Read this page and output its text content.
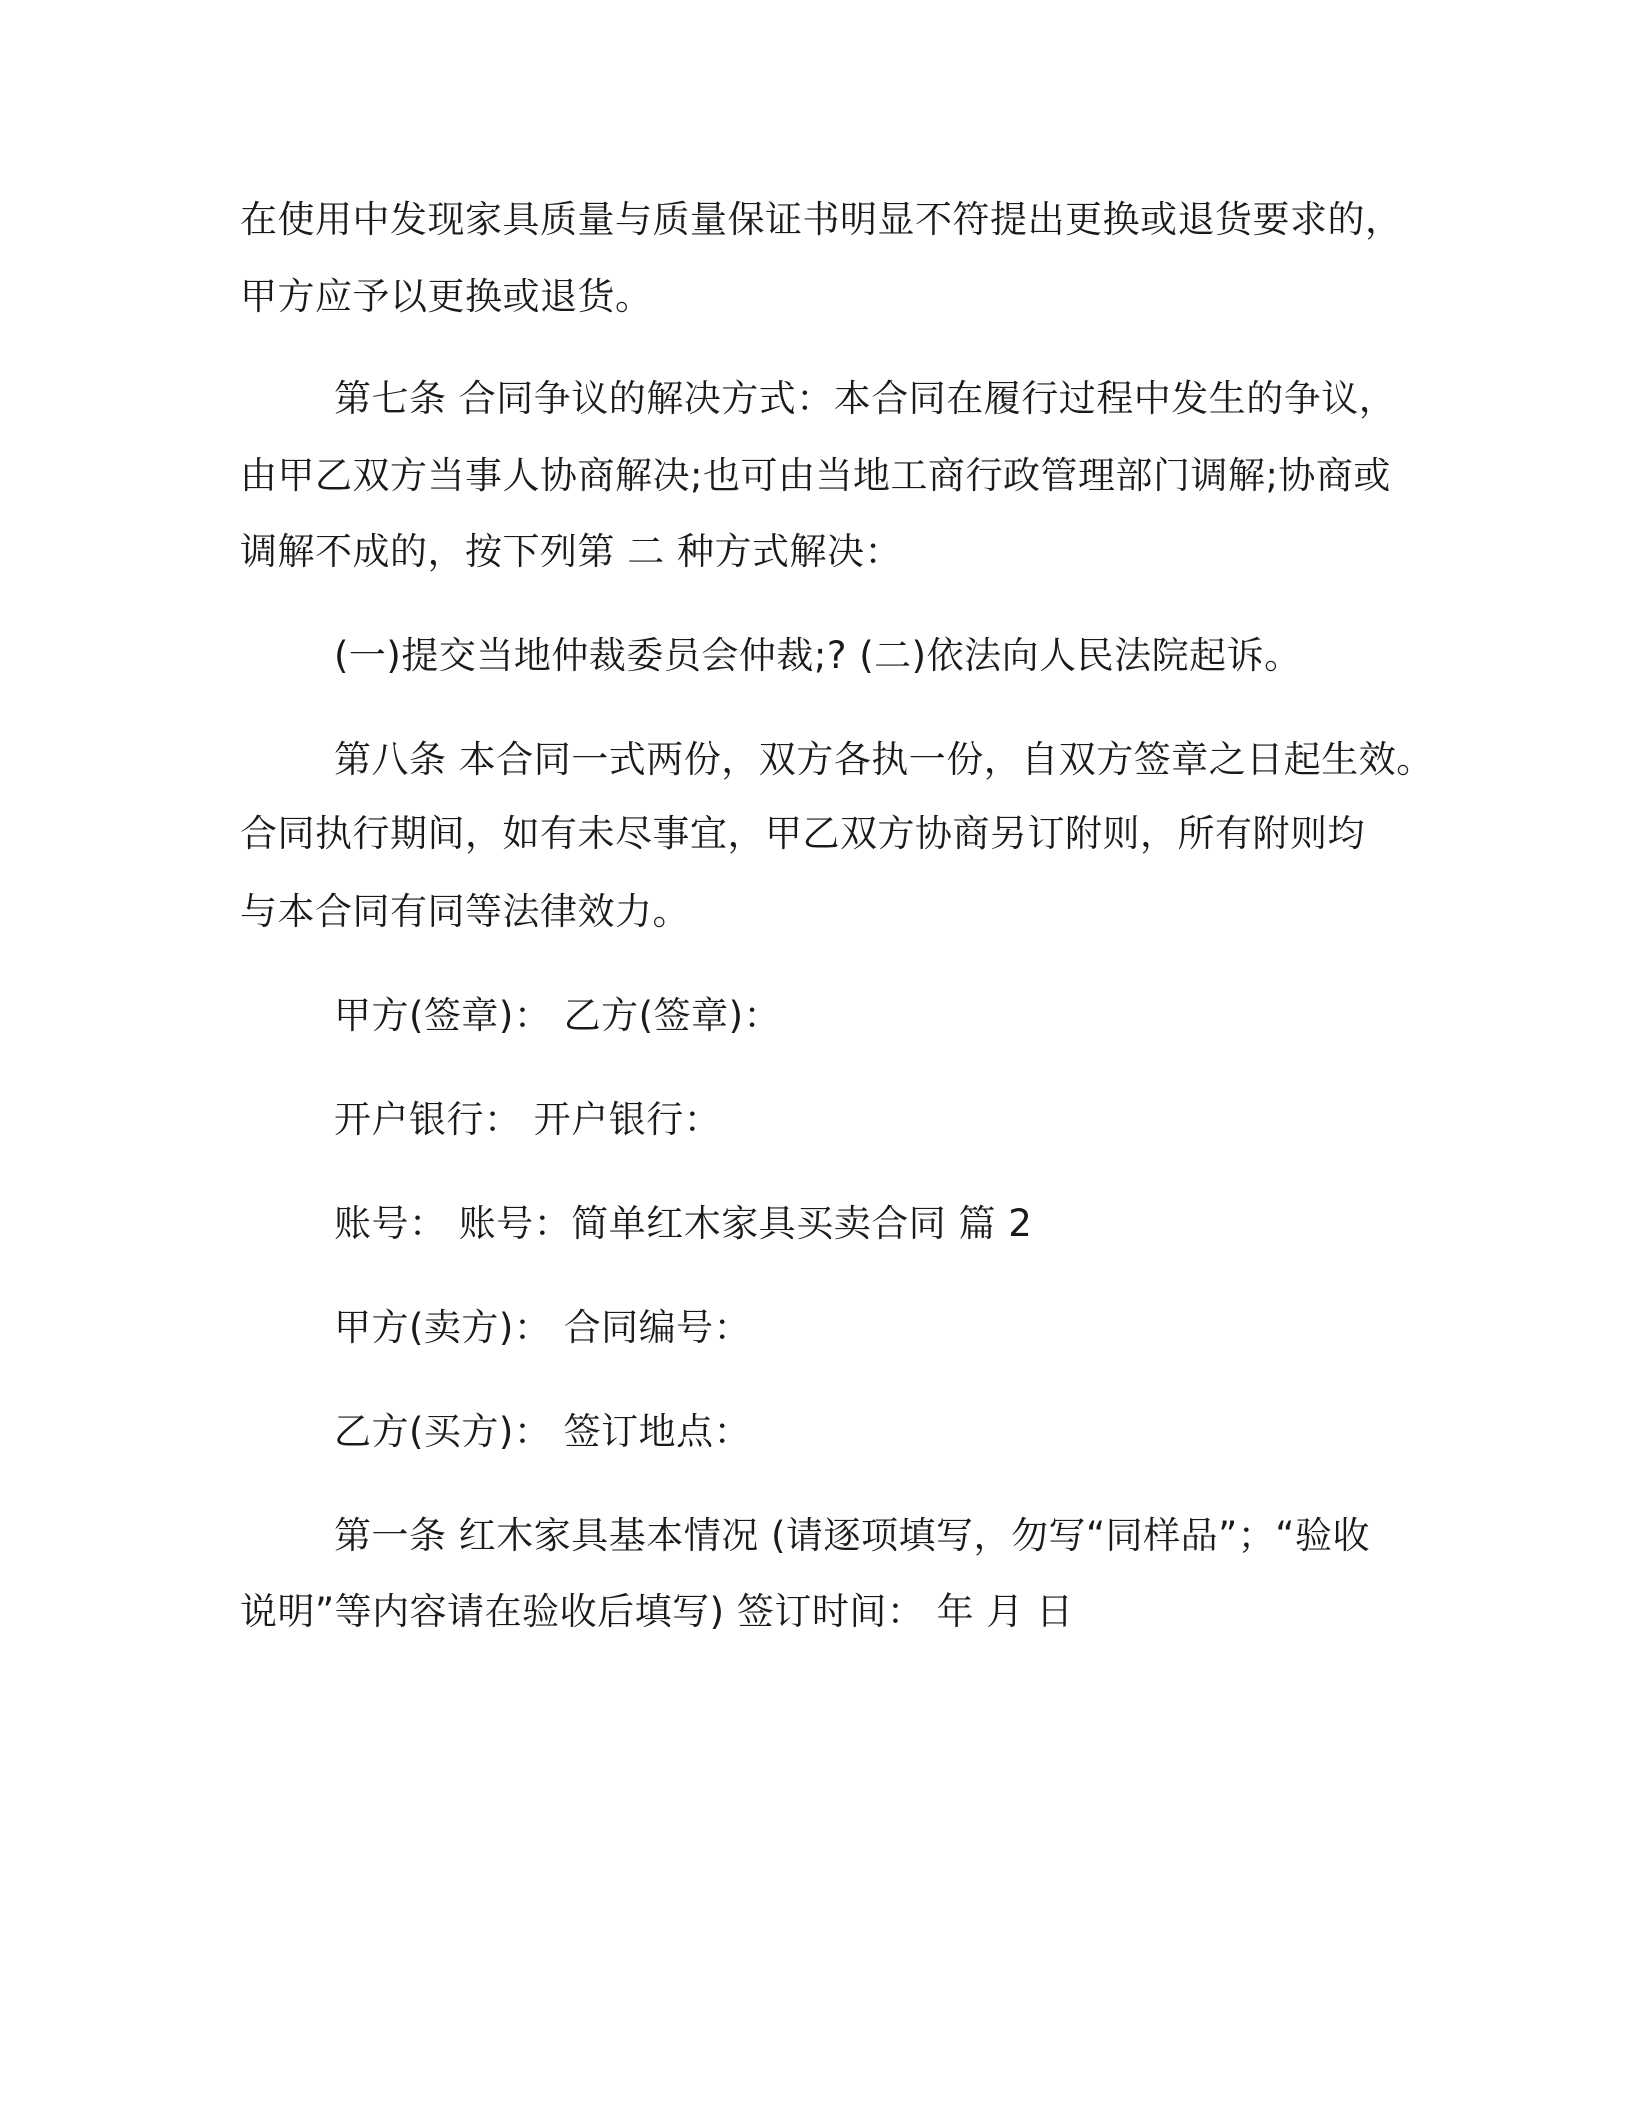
在使用中发现家具质量与质量保证书明显不符提出更换或退货要求的，
甲方应予以更换或退货。
第七条 合同争议的解决方式：本合同在履行过程中发生的争议，
由甲乙双方当事人协商解决;也可由当地工商行政管理部门调解;协商或
调解不成的，按下列第 二 种方式解决：
(一)提交当地仲裁委员会仲裁;? (二)依法向人民法院起诉。
第八条 本合同一式两份，双方各执一份，自双方签章之日起生效。
合同执行期间，如有未尽事宜，甲乙双方协商另订附则，所有附则均
与本合同有同等法律效力。
甲方(签章)： 乙方(签章)：
开户银行： 开户银行：
账号： 账号：简单红木家具买卖合同 篇 2
甲方(卖方)： 合同编号：
乙方(买方)： 签订地点：
第一条 红木家具基本情况 (请逐项填写，勿写“同样品”；“验收
说明”等内容请在验收后填写) 签订时间： 年 月 日
